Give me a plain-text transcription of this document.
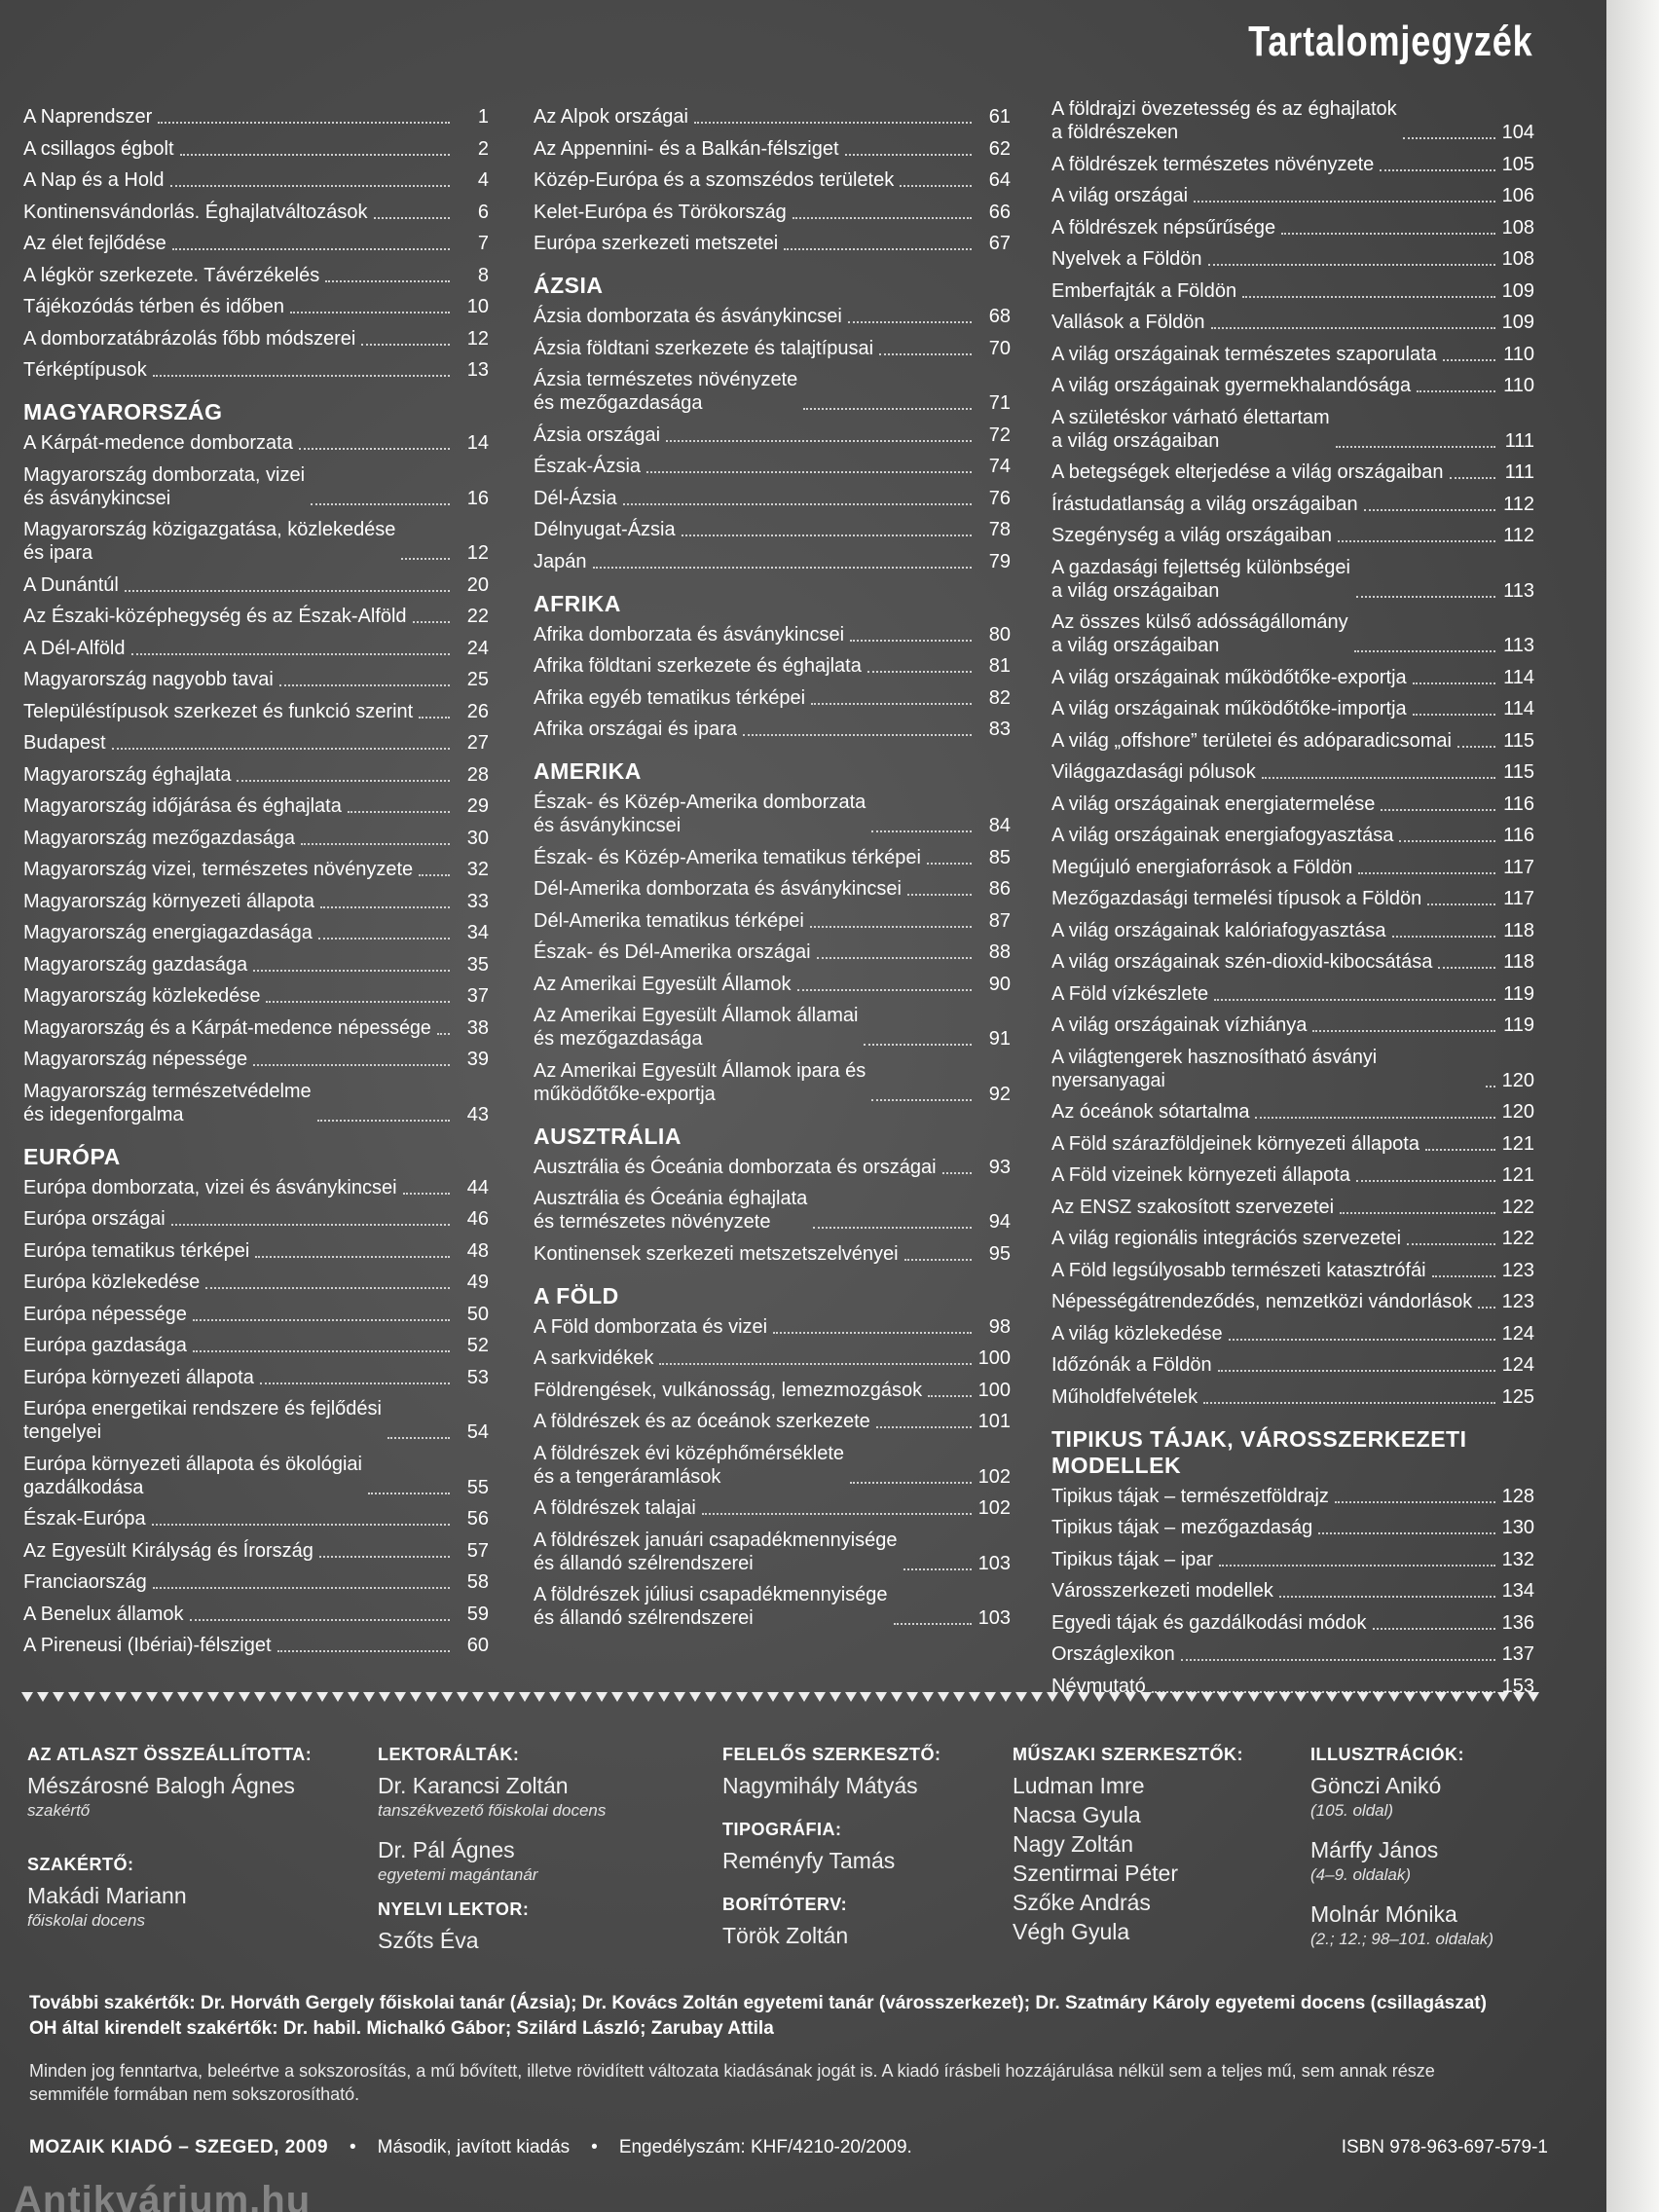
Tartalomjegyzék
A Naprendszer	1
A csillagos égbolt	2
A Nap és a Hold	4
Kontinensvándorlás. Éghajlatváltozások	6
Az élet fejlődése	7
A légkör szerkezete. Távérzékelés	8
Tájékozódás térben és időben	10
A domborzatábrázolás főbb módszerei	12
Térképtípusok	13
MAGYARORSZÁG
A Kárpát-medence domborzata	14
Magyarország domborzata, vizei
és ásványkincsei	16
Magyarország közigazgatása, közlekedése
és ipara	12
A Dunántúl	20
Az Északi-középhegység és az Észak-Alföld	22
A Dél-Alföld	24
Magyarország nagyobb tavai	25
Településtípusok szerkezet és funkció szerint	26
Budapest	27
Magyarország éghajlata	28
Magyarország időjárása és éghajlata	29
Magyarország mezőgazdasága	30
Magyarország vizei, természetes növényzete	32
Magyarország környezeti állapota	33
Magyarország energiagazdasága	34
Magyarország gazdasága	35
Magyarország közlekedése	37
Magyarország és a Kárpát-medence népessége	38
Magyarország népessége	39
Magyarország természetvédelme
és idegenforgalma	43
EURÓPA
Európa domborzata, vizei és ásványkincsei	44
Európa országai	46
Európa tematikus térképei	48
Európa közlekedése	49
Európa népessége	50
Európa gazdasága	52
Európa környezeti állapota	53
Európa energetikai rendszere és fejlődési
tengelyei	54
Európa környezeti állapota és ökológiai
gazdálkodása	55
Észak-Európa	56
Az Egyesült Királyság és Írország	57
Franciaország	58
A Benelux államok	59
A Pireneusi (Ibériai)-félsziget	60
Az Alpok országai	61
Az Appennini- és a Balkán-félsziget	62
Közép-Európa és a szomszédos területek	64
Kelet-Európa és Törökország	66
Európa szerkezeti metszetei	67
ÁZSIA
Ázsia domborzata és ásványkincsei	68
Ázsia földtani szerkezete és talajtípusai	70
Ázsia természetes növényzete
és mezőgazdasága	71
Ázsia országai	72
Észak-Ázsia	74
Dél-Ázsia	76
Délnyugat-Ázsia	78
Japán	79
AFRIKA
Afrika domborzata és ásványkincsei	80
Afrika földtani szerkezete és éghajlata	81
Afrika egyéb tematikus térképei	82
Afrika országai és ipara	83
AMERIKA
Észak- és Közép-Amerika domborzata
és ásványkincsei	84
Észak- és Közép-Amerika tematikus térképei	85
Dél-Amerika domborzata és ásványkincsei	86
Dél-Amerika tematikus térképei	87
Észak- és Dél-Amerika országai	88
Az Amerikai Egyesült Államok	90
Az Amerikai Egyesült Államok államai
és mezőgazdasága	91
Az Amerikai Egyesült Államok ipara és
működőtőke-exportja	92
AUSZTRÁLIA
Ausztrália és Óceánia domborzata és országai	93
Ausztrália és Óceánia éghajlata
és természetes növényzete	94
Kontinensek szerkezeti metszetszelvényei	95
A FÖLD
A Föld domborzata és vizei	98
A sarkvidékek	100
Földrengések, vulkánosság, lemezmozgások	100
A földrészek és az óceánok szerkezete	101
A földrészek évi középhőmérséklete
és a tengeráramlások	102
A földrészek talajai	102
A földrészek januári csapadékmennyisége
és állandó szélrendszerei	103
A földrészek júliusi csapadékmennyisége
és állandó szélrendszerei	103
A földrajzi övezetesség és az éghajlatok
a földrészeken	104
A földrészek természetes növényzete	105
A világ országai	106
A földrészek népsűrűsége	108
Nyelvek a Földön	108
Emberfajták a Földön	109
Vallások a Földön	109
A világ országainak természetes szaporulata	110
A világ országainak gyermekhalandósága	110
A születéskor várható élettartam
a világ országaiban	111
A betegségek elterjedése a világ országaiban	111
Írástudatlanság a világ országaiban	112
Szegénység a világ országaiban	112
A gazdasági fejlettség különbségei
a világ országaiban	113
Az összes külső adósságállomány
a világ országaiban	113
A világ országainak működőtőke-exportja	114
A világ országainak működőtőke-importja	114
A világ „offshore” területei és adóparadicsomai	115
Világgazdasági pólusok	115
A világ országainak energiatermelése	116
A világ országainak energiafogyasztása	116
Megújuló energiaforrások a Földön	117
Mezőgazdasági termelési típusok a Földön	117
A világ országainak kalóriafogyasztása	118
A világ országainak szén-dioxid-kibocsátása	118
A Föld vízkészlete	119
A világ országainak vízhiánya	119
A világtengerek hasznosítható ásványi nyersanyagai	120
Az óceánok sótartalma	120
A Föld szárazföldjeinek környezeti állapota	121
A Föld vizeinek környezeti állapota	121
Az ENSZ szakosított szervezetei	122
A világ regionális integrációs szervezetei	122
A Föld legsúlyosabb természeti katasztrófái	123
Népességátrendeződés, nemzetközi vándorlások 123
A világ közlekedése	124
Időzónák a Földön	124
Műholdfelvételek	125
TIPIKUS TÁJAK, VÁROSSZERKEZETI MODELLEK
Tipikus tájak – természetföldrajz	128
Tipikus tájak – mezőgazdaság	130
Tipikus tájak – ipar	132
Városszerkezeti modellek	134
Egyedi tájak és gazdálkodási módok	136
Országlexikon	137
Névmutató	153
AZ ATLASZT ÖSSZEÁLLÍTOTTA:
Mészárosné Balogh Ágnes
szakértő
SZAKÉRTŐ:
Makádi Mariann
főiskolai docens
LEKTORÁLTÁK:
Dr. Karancsi Zoltán
tanszékvezető főiskolai docens
Dr. Pál Ágnes
egyetemi magántanár
NYELVI LEKTOR:
Szőts Éva
FELELŐS SZERKESZTŐ:
Nagymihály Mátyás
TIPOGRÁFIA:
Reményfy Tamás
BORÍTÓTERV:
Török Zoltán
MŰSZAKI SZERKESZTŐK:
Ludman Imre
Nacsa Gyula
Nagy Zoltán
Szentirmai Péter
Szőke András
Végh Gyula
ILLUSZTRÁCIÓK:
Gönczi Anikó
(105. oldal)
Márffy János
(4–9. oldalak)
Molnár Mónika
(2.; 12.; 98–101. oldalak)
További szakértők: Dr. Horváth Gergely főiskolai tanár (Ázsia); Dr. Kovács Zoltán egyetemi tanár (városszerkezet); Dr. Szatmáry Károly egyetemi docens (csillagászat)
OH által kirendelt szakértők: Dr. habil. Michalkó Gábor; Szilárd László; Zarubay Attila
Minden jog fenntartva, beleértve a sokszorosítás, a mű bővített, illetve rövidített változata kiadásának jogát is. A kiadó írásbeli hozzájárulása nélkül sem a teljes mű, sem annak része semmiféle formában nem sokszorosítható.
MOZAIK KIADÓ – SZEGED, 2009 • Második, javított kiadás • Engedélyszám: KHF/4210-20/2009.	ISBN 978-963-697-579-1
Antikvárium.hu
